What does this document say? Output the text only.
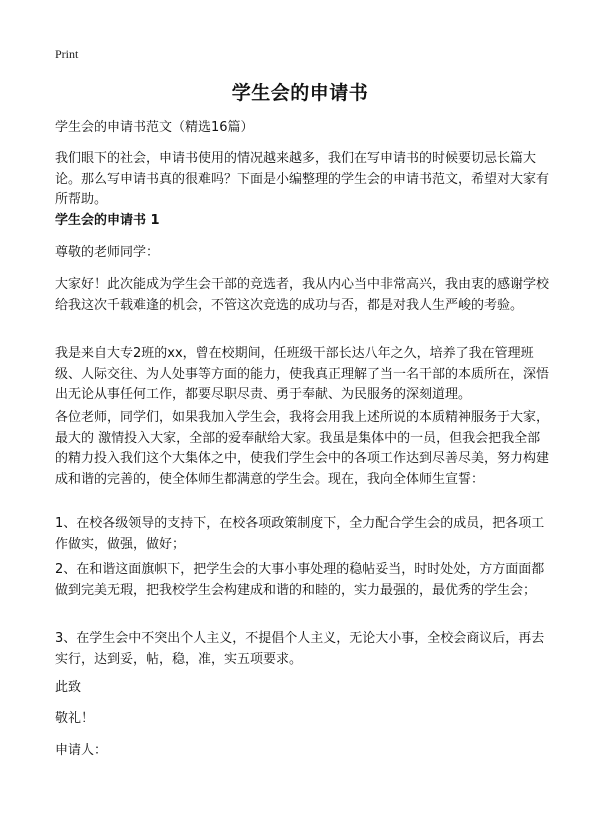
Print
学生会的申请书
学生会的申请书范文（精选16篇）
我们眼下的社会，申请书使用的情况越来越多，我们在写申请书的时候要切忌长篇大论。那么写申请书真的很难吗？下面是小编整理的学生会的申请书范文，希望对大家有所帮助。
学生会的申请书 1
尊敬的老师同学：
大家好！此次能成为学生会干部的竞选者，我从内心当中非常高兴，我由衷的感谢学校给我这次千载难逢的机会，不管这次竞选的成功与否，都是对我人生严峻的考验。
我是来自大专2班的xx，曾在校期间，任班级干部长达八年之久，培养了我在管理班级、人际交往、为人处事等方面的能力，使我真正理解了当一名干部的本质所在，深悟出无论从事任何工作，都要尽职尽责、勇于奉献、为民服务的深刻道理。
各位老师，同学们，如果我加入学生会，我将会用我上述所说的本质精神服务于大家，最大的 激情投入大家，全部的爱奉献给大家。我虽是集体中的一员，但我会把我全部的精力投入我们这个大集体之中，使我们学生会中的各项工作达到尽善尽美，努力构建成和谐的完善的，使全体师生都满意的学生会。现在，我向全体师生宣誓：
1、在校各级领导的支持下，在校各项政策制度下，全力配合学生会的成员，把各项工作做实，做强，做好；
2、在和谐这面旗帜下，把学生会的大事小事处理的稳帖妥当，时时处处，方方面面都做到完美无瑕，把我校学生会构建成和谐的和睦的，实力最强的，最优秀的学生会；
3、在学生会中不突出个人主义，不提倡个人主义，无论大小事，全校会商议后，再去实行，达到妥，帖，稳，准，实五项要求。
此致
敬礼！
申请人：
